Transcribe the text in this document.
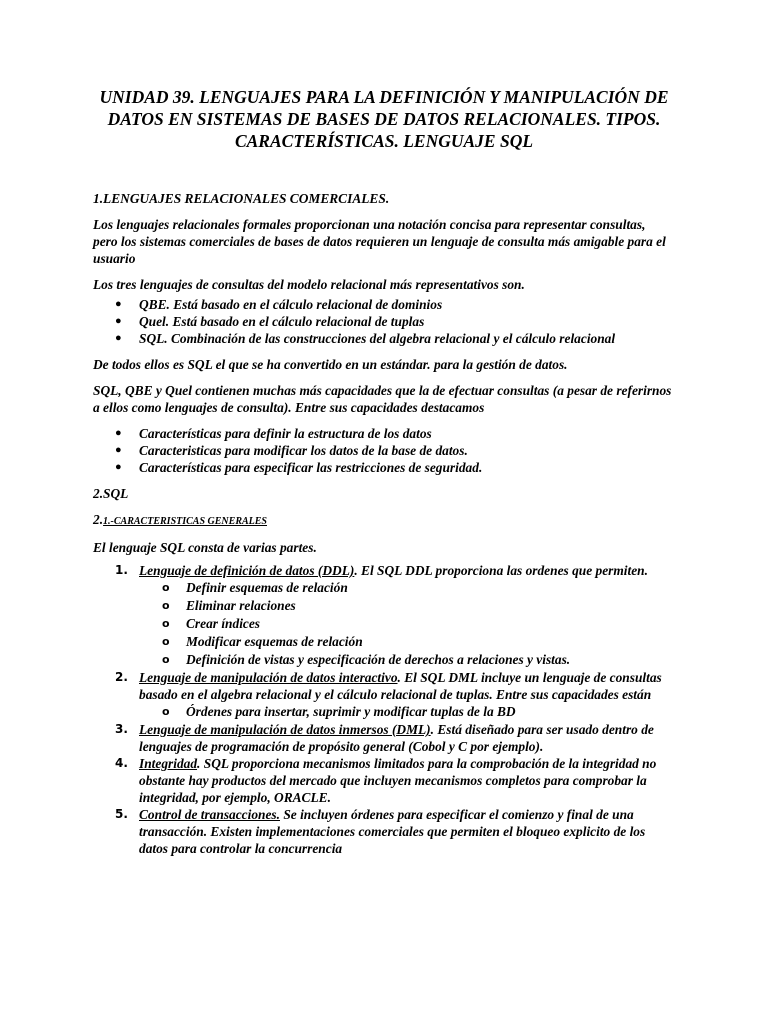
UNIDAD 39. LENGUAJES PARA LA DEFINICIÓN Y MANIPULACIÓN DE DATOS EN SISTEMAS DE BASES DE DATOS RELACIONALES. TIPOS. CARACTERÍSTICAS. LENGUAJE SQL

1.LENGUAJES RELACIONALES COMERCIALES.

Los lenguajes relacionales formales proporcionan una notación concisa para representar consultas, pero los sistemas comerciales de bases de datos requieren un lenguaje de consulta más amigable para el usuario

Los tres lenguajes de consultas del modelo relacional más representativos son.

● QBE. Está basado en el cálculo relacional de dominios
● Quel. Está basado en el cálculo relacional de tuplas
● SQL. Combinación de las construcciones del algebra relacional y el cálculo relacional

De todos ellos es SQL el que se ha convertido en un estándar. para la gestión de datos.

SQL, QBE y Quel contienen muchas más capacidades que la de efectuar consultas (a pesar de referirnos a ellos como lenguajes de consulta). Entre sus capacidades destacamos

● Características para definir la estructura de los datos
● Caracteristicas para modificar los datos de la base de datos.
● Características para especificar las restricciones de seguridad.

2.SQL

2.1.-CARACTERISTICAS GENERALES

El lenguaje SQL consta de varias partes.

1. Lenguaje de definición de datos (DDL). El SQL DDL proporciona las ordenes que permiten.
o Definir esquemas de relación
o Eliminar relaciones
o Crear índices
o Modificar esquemas de relación
o Definición de vistas y especificación de derechos a relaciones y vistas.
2. Lenguaje de manipulación de datos interactivo. El SQL DML incluye un lenguaje de consultas basado en el algebra relacional y el cálculo relacional de tuplas. Entre sus capacidades están
o Órdenes para insertar, suprimir y modificar tuplas de la BD
3. Lenguaje de manipulación de datos inmersos (DML). Está diseñado para ser usado dentro de lenguajes de programación de propósito general (Cobol y C por ejemplo).
4. Integridad. SQL proporciona mecanismos limitados para la comprobación de la integridad no obstante hay productos del mercado que incluyen mecanismos completos para comprobar la integridad, por ejemplo, ORACLE.
5. Control de transacciones. Se incluyen órdenes para especificar el comienzo y final de una transacción. Existen implementaciones comerciales que permiten el bloqueo explicito de los datos para controlar la concurrencia
